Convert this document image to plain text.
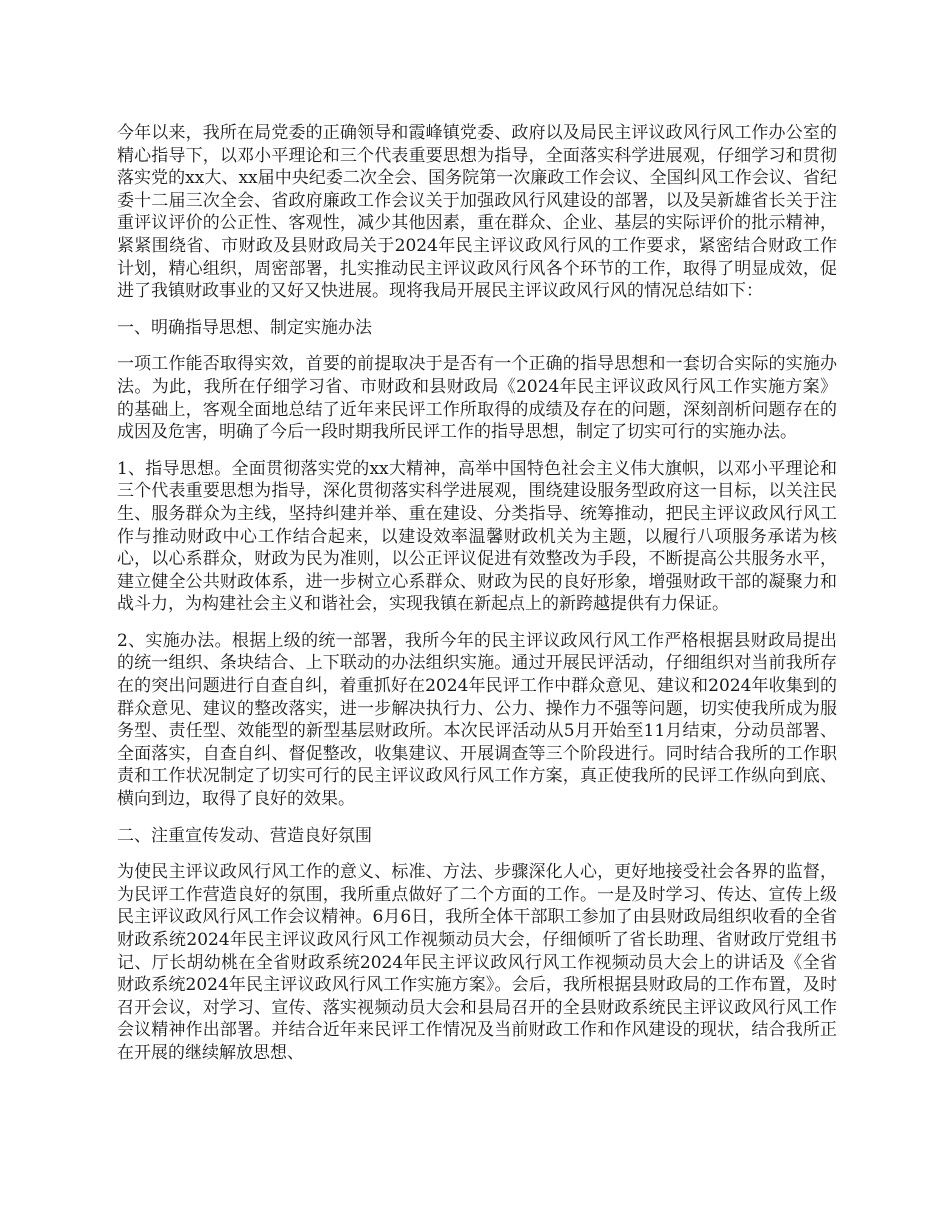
今年以来，我所在局党委的正确领导和霞峰镇党委、政府以及局民主评议政风行风工作办公室的精心指导下，以邓小平理论和三个代表重要思想为指导，全面落实科学进展观，仔细学习和贯彻落实党的xx大、xx届中央纪委二次全会、国务院第一次廉政工作会议、全国纠风工作会议、省纪委十二届三次全会、省政府廉政工作会议关于加强政风行风建设的部署，以及吴新雄省长关于注重评议评价的公正性、客观性，减少其他因素，重在群众、企业、基层的实际评价的批示精神，紧紧围绕省、市财政及县财政局关于2024年民主评议政风行风的工作要求，紧密结合财政工作计划，精心组织，周密部署，扎实推动民主评议政风行风各个环节的工作，取得了明显成效，促进了我镇财政事业的又好又快进展。现将我局开展民主评议政风行风的情况总结如下：

一、明确指导思想、制定实施办法

一项工作能否取得实效，首要的前提取决于是否有一个正确的指导思想和一套切合实际的实施办法。为此，我所在仔细学习省、市财政和县财政局《2024年民主评议政风行风工作实施方案》的基础上，客观全面地总结了近年来民评工作所取得的成绩及存在的问题，深刻剖析问题存在的成因及危害，明确了今后一段时期我所民评工作的指导思想，制定了切实可行的实施办法。

1、指导思想。全面贯彻落实党的xx大精神，高举中国特色社会主义伟大旗帜，以邓小平理论和三个代表重要思想为指导，深化贯彻落实科学进展观，围绕建设服务型政府这一目标，以关注民生、服务群众为主线，坚持纠建并举、重在建设、分类指导、统筹推动，把民主评议政风行风工作与推动财政中心工作结合起来，以建设效率温馨财政机关为主题，以履行八项服务承诺为核心，以心系群众，财政为民为准则，以公正评议促进有效整改为手段，不断提高公共服务水平，建立健全公共财政体系，进一步树立心系群众、财政为民的良好形象，增强财政干部的凝聚力和战斗力，为构建社会主义和谐社会，实现我镇在新起点上的新跨越提供有力保证。

2、实施办法。根据上级的统一部署，我所今年的民主评议政风行风工作严格根据县财政局提出的统一组织、条块结合、上下联动的办法组织实施。通过开展民评活动，仔细组织对当前我所存在的突出问题进行自查自纠，着重抓好在2024年民评工作中群众意见、建议和2024年收集到的群众意见、建议的整改落实，进一步解决执行力、公力、操作力不强等问题，切实使我所成为服务型、责任型、效能型的新型基层财政所。本次民评活动从5月开始至11月结束，分动员部署、全面落实，自查自纠、督促整改，收集建议、开展调查等三个阶段进行。同时结合我所的工作职责和工作状况制定了切实可行的民主评议政风行风工作方案，真正使我所的民评工作纵向到底、横向到边，取得了良好的效果。

二、注重宣传发动、营造良好氛围

为使民主评议政风行风工作的意义、标准、方法、步骤深化人心，更好地接受社会各界的监督，为民评工作营造良好的氛围，我所重点做好了二个方面的工作。一是及时学习、传达、宣传上级民主评议政风行风工作会议精神。6月6日，我所全体干部职工参加了由县财政局组织收看的全省财政系统2024年民主评议政风行风工作视频动员大会，仔细倾听了省长助理、省财政厅党组书记、厅长胡幼桃在全省财政系统2024年民主评议政风行风工作视频动员大会上的讲话及《全省财政系统2024年民主评议政风行风工作实施方案》。会后，我所根据县财政局的工作布置，及时召开会议，对学习、宣传、落实视频动员大会和县局召开的全县财政系统民主评议政风行风工作会议精神作出部署。并结合近年来民评工作情况及当前财政工作和作风建设的现状，结合我所正在开展的继续解放思想、
